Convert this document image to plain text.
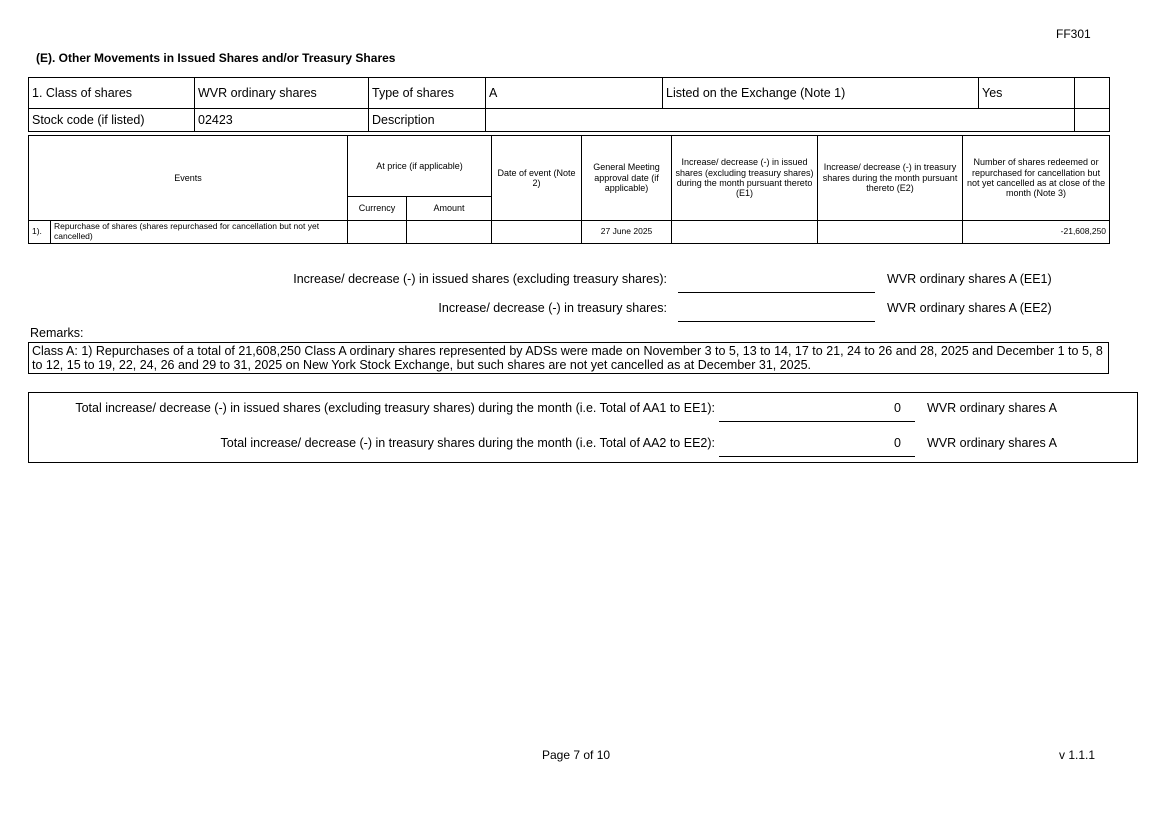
FF301
(E). Other Movements in Issued Shares and/or Treasury Shares
1. Class of shares	WVR ordinary shares	Type of shares	A	Listed on the Exchange (Note 1)	Yes	
Stock code (if listed)	02423	Description				
Events		At price (if applicable)		Date of event (Note 2)	General Meeting approval date (if applicable)	Increase/ decrease (-) in issued shares (excluding treasury shares) during the month pursuant thereto (E1)	Increase/ decrease (-) in treasury shares during the month pursuant thereto (E2)	Number of shares redeemed or repurchased for cancellation but not yet cancelled as at close of the month (Note 3)
		Currency	Amount					
1).	Repurchase of shares (shares repurchased for cancellation but not yet cancelled)				27 June 2025			-21,608,250
Increase/ decrease (-) in issued shares (excluding treasury shares):	WVR ordinary shares A (EE1)
Increase/ decrease (-) in treasury shares:	WVR ordinary shares A (EE2)
Remarks:
Class A: 1) Repurchases of a total of 21,608,250 Class A ordinary shares represented by ADSs were made on November 3 to 5, 13 to 14, 17 to 21, 24 to 26 and 28, 2025 and December 1 to 5, 8 to 12, 15 to 19, 22, 24, 26 and 29 to 31, 2025 on New York Stock Exchange, but such shares are not yet cancelled as at December 31, 2025.
Total increase/ decrease (-) in issued shares (excluding treasury shares) during the month (i.e. Total of AA1 to EE1):	0 WVR ordinary shares A
Total increase/ decrease (-) in treasury shares during the month (i.e. Total of AA2 to EE2):	0 WVR ordinary shares A
Page 7 of 10	v 1.1.1
